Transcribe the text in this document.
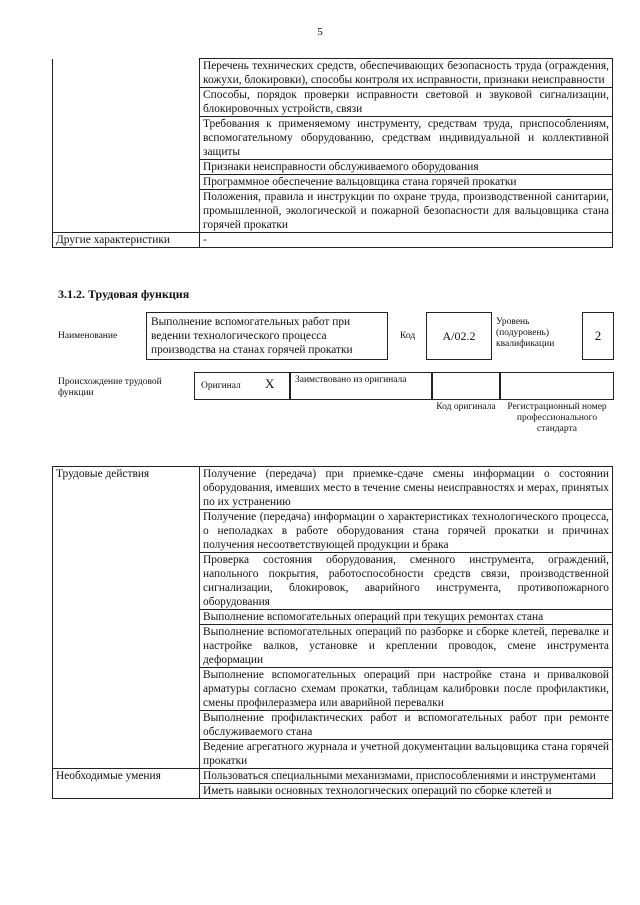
5
	Перечень технических средств, обеспечивающих безопасность труда (ограждения, кожухи, блокировки), способы контроля их исправности, признаки неисправности
	Способы, порядок проверки исправности световой и звуковой сигнализации, блокировочных устройств, связи
	Требования к применяемому инструменту, средствам труда, приспособлениям, вспомогательному оборудованию, средствам индивидуальной и коллективной защиты
	Признаки неисправности обслуживаемого оборудования
	Программное обеспечение вальцовщика стана горячей прокатки
	Положения, правила и инструкции по охране труда, производственной санитарии, промышленной, экологической и пожарной безопасности для вальцовщика стана горячей прокатки
Другие характеристики	-
3.1.2. Трудовая функция
Наименование
Выполнение вспомогательных работ при ведении технологического процесса производства на станах горячей прокатки
Код	А/02.2
Уровень (подуровень) квалификации
2
Происхождение трудовой функции
Оригинал X	Заимствовано из оригинала
Код оригинала	Регистрационный номер профессионального стандарта
Трудовые действия	Получение (передача) при приемке-сдаче смены информации о состоянии оборудования, имевших место в течение смены неисправностях и мерах, принятых по их устранению
	Получение (передача) информации о характеристиках технологического процесса, о неполадках в работе оборудования стана горячей прокатки и причинах получения несоответствующей продукции и брака
	Проверка состояния оборудования, сменного инструмента, ограждений, напольного покрытия, работоспособности средств связи, производственной сигнализации, блокировок, аварийного инструмента, противопожарного оборудования
	Выполнение вспомогательных операций при текущих ремонтах стана
	Выполнение вспомогательных операций по разборке и сборке клетей, перевалке и настройке валков, установке и креплении проводок, смене инструмента деформации
	Выполнение вспомогательных операций при настройке стана и привалковой арматуры согласно схемам прокатки, таблицам калибровки после профилактики, смены профилеразмера или аварийной перевалки
	Выполнение профилактических работ и вспомогательных работ при ремонте обслуживаемого стана
	Ведение агрегатного журнала и учетной документации вальцовщика стана горячей прокатки
Необходимые умения	Пользоваться специальными механизмами, приспособлениями и инструментами
	Иметь навыки основных технологических операций по сборке клетей и
